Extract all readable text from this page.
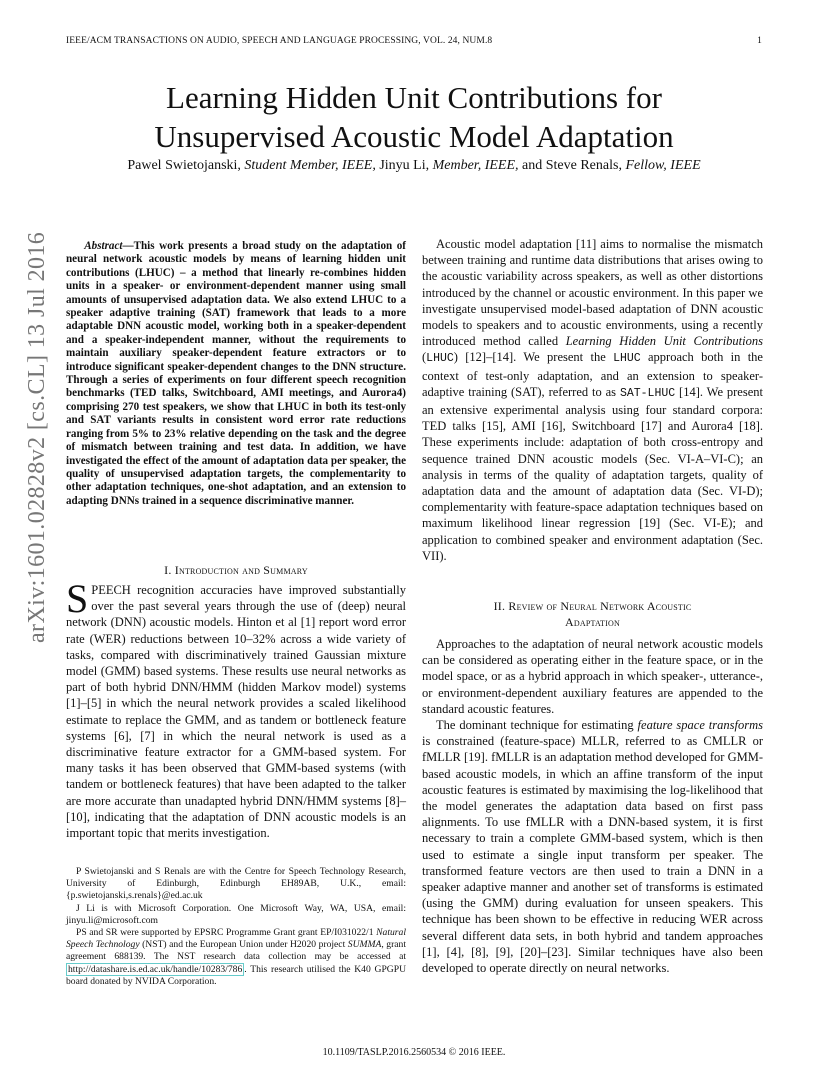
IEEE/ACM TRANSACTIONS ON AUDIO, SPEECH AND LANGUAGE PROCESSING, VOL. 24, NUM.8	1
arXiv:1601.02828v2 [cs.CL] 13 Jul 2016
Learning Hidden Unit Contributions for
Unsupervised Acoustic Model Adaptation
Pawel Swietojanski, Student Member, IEEE, Jinyu Li, Member, IEEE, and Steve Renals, Fellow, IEEE
Abstract—This work presents a broad study on the adaptation of neural network acoustic models by means of learning hidden unit contributions (LHUC) – a method that linearly re-combines hidden units in a speaker- or environment-dependent manner using small amounts of unsupervised adaptation data. We also extend LHUC to a speaker adaptive training (SAT) framework that leads to a more adaptable DNN acoustic model, working both in a speaker-dependent and a speaker-independent manner, without the requirements to maintain auxiliary speaker-dependent feature extractors or to introduce significant speaker-dependent changes to the DNN structure. Through a series of experiments on four different speech recognition benchmarks (TED talks, Switchboard, AMI meetings, and Aurora4) comprising 270 test speakers, we show that LHUC in both its test-only and SAT variants results in consistent word error rate reductions ranging from 5% to 23% relative depending on the task and the degree of mismatch between training and test data. In addition, we have investigated the effect of the amount of adaptation data per speaker, the quality of unsupervised adaptation targets, the complementarity to other adaptation techniques, one-shot adaptation, and an extension to adapting DNNs trained in a sequence discriminative manner.
I. Introduction and Summary
SPEECH recognition accuracies have improved substantially over the past several years through the use of (deep) neural network (DNN) acoustic models. Hinton et al [1] report word error rate (WER) reductions between 10–32% across a wide variety of tasks, compared with discriminatively trained Gaussian mixture model (GMM) based systems. These results use neural networks as part of both hybrid DNN/HMM (hidden Markov model) systems [1]–[5] in which the neural network provides a scaled likelihood estimate to replace the GMM, and as tandem or bottleneck feature systems [6], [7] in which the neural network is used as a discriminative feature extractor for a GMM-based system. For many tasks it has been observed that GMM-based systems (with tandem or bottleneck features) that have been adapted to the talker are more accurate than unadapted hybrid DNN/HMM systems [8]–[10], indicating that the adaptation of DNN acoustic models is an important topic that merits investigation.

P Swietojanski and S Renals are with the Centre for Speech Technology Research, University of Edinburgh, Edinburgh EH89AB, U.K., email: {p.swietojanski,s.renals}@ed.ac.uk

J Li is with Microsoft Corporation. One Microsoft Way, WA, USA, email: jinyu.li@microsoft.com

PS and SR were supported by EPSRC Programme Grant grant EP/I031022/1 Natural Speech Technology (NST) and the European Union under H2020 project SUMMA, grant agreement 688139. The NST research data collection may be accessed at http://datashare.is.ed.ac.uk/handle/10283/786 . This research utilised the K40 GPGPU board donated by NVIDA Corporation.

Acoustic model adaptation [11] aims to normalise the mismatch between training and runtime data distributions that arises owing to the acoustic variability across speakers, as well as other distortions introduced by the channel or acoustic environment. In this paper we investigate unsupervised model-based adaptation of DNN acoustic models to speakers and to acoustic environments, using a recently introduced method called Learning Hidden Unit Contributions (LHUC) [12]–[14]. We present the LHUC approach both in the context of test-only adaptation, and an extension to speaker-adaptive training (SAT), referred to as SAT-LHUC [14]. We present an extensive experimental analysis using four standard corpora: TED talks [15], AMI [16], Switchboard [17] and Aurora4 [18]. These experiments include: adaptation of both cross-entropy and sequence trained DNN acoustic models (Sec. VI-A–VI-C); an analysis in terms of the quality of adaptation targets, quality of adaptation data and the amount of adaptation data (Sec. VI-D); complementarity with feature-space adaptation techniques based on maximum likelihood linear regression [19] (Sec. VI-E); and application to combined speaker and environment adaptation (Sec. VII).

II. Review of Neural Network Acoustic
Adaptation

Approaches to the adaptation of neural network acoustic models can be considered as operating either in the feature space, or in the model space, or as a hybrid approach in which speaker-, utterance-, or environment-dependent auxiliary features are appended to the standard acoustic features.

The dominant technique for estimating feature space transforms is constrained (feature-space) MLLR, referred to as CMLLR or fMLLR [19]. fMLLR is an adaptation method developed for GMM-based acoustic models, in which an affine transform of the input acoustic features is estimated by maximising the log-likelihood that the model generates the adaptation data based on first pass alignments. To use fMLLR with a DNN-based system, it is first necessary to train a complete GMM-based system, which is then used to estimate a single input transform per speaker. The transformed feature vectors are then used to train a DNN in a speaker adaptive manner and another set of transforms is estimated (using the GMM) during evaluation for unseen speakers. This technique has been shown to be effective in reducing WER across several different data sets, in both hybrid and tandem approaches [1], [4], [8], [9], [20]–[23]. Similar techniques have also been developed to operate directly on neural networks.

10.1109/TASLP.2016.2560534 © 2016 IEEE.
